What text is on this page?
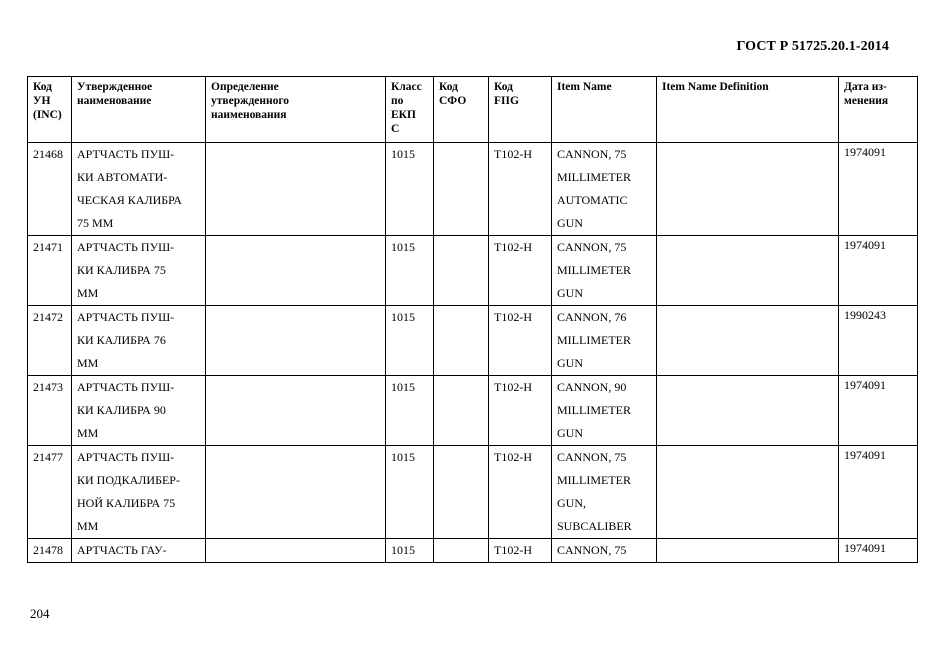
ГОСТ Р 51725.20.1-2014
Код
УН
(INC)	Утвержденное
наименование	Определение
утвержденного
наименования	Класс
по
ЕКП
С	Код
СФО	Код
FIIG	Item Name	Item Name Definition	Дата из-
менения
21468	АРТЧАСТЬ ПУШ-
КИ АВТОМАТИ-
ЧЕСКАЯ КАЛИБРА
75 ММ		1015		T102-H	CANNON, 75
MILLIMETER
AUTOMATIC
GUN		1974091
21471	АРТЧАСТЬ ПУШ-
КИ КАЛИБРА 75
ММ		1015		T102-H	CANNON, 75
MILLIMETER
GUN		1974091
21472	АРТЧАСТЬ ПУШ-
КИ КАЛИБРА 76
ММ		1015		T102-H	CANNON, 76
MILLIMETER
GUN		1990243
21473	АРТЧАСТЬ ПУШ-
КИ КАЛИБРА 90
ММ		1015		T102-H	CANNON, 90
MILLIMETER
GUN		1974091
21477	АРТЧАСТЬ ПУШ-
КИ ПОДКАЛИБЕР-
НОЙ КАЛИБРА 75
ММ		1015		T102-H	CANNON, 75
MILLIMETER
GUN,
SUBCALIBER		1974091
21478	АРТЧАСТЬ ГАУ-		1015		T102-H	CANNON, 75		1974091
204
